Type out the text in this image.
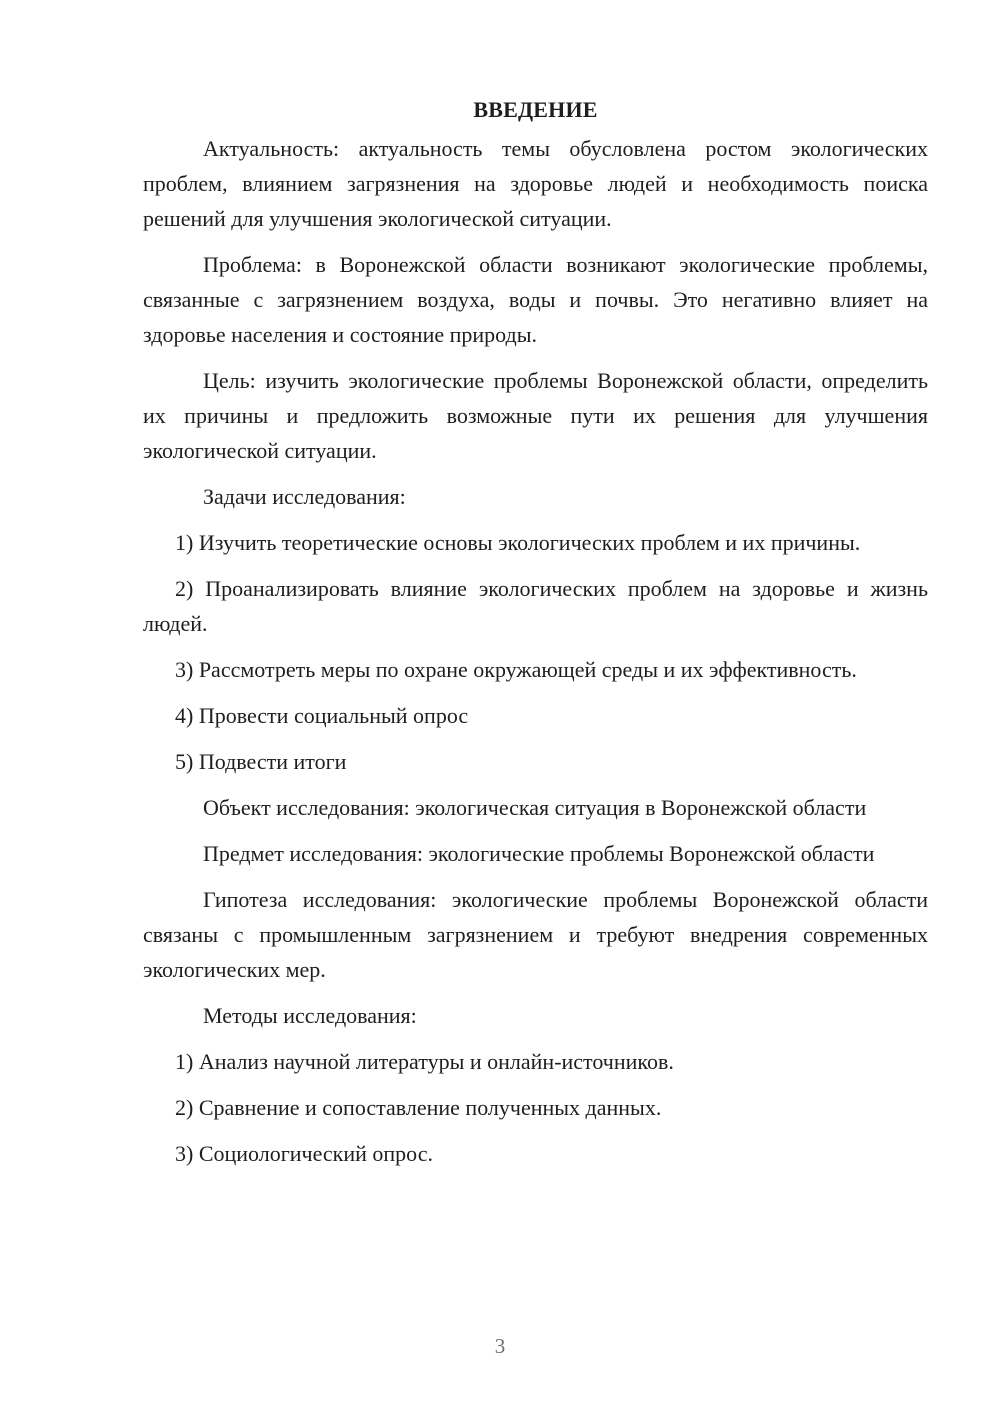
ВВЕДЕНИЕ

Актуальность: актуальность темы обусловлена ростом экологических проблем, влиянием загрязнения на здоровье людей и необходимость поиска решений для улучшения экологической ситуации.

Проблема: в Воронежской области возникают экологические проблемы, связанные с загрязнением воздуха, воды и почвы. Это негативно влияет на здоровье населения и состояние природы.

Цель: изучить экологические проблемы Воронежской области, определить их причины и предложить возможные пути их решения для улучшения экологической ситуации.

Задачи исследования:

1) Изучить теоретические основы экологических проблем и их причины.

2) Проанализировать влияние экологических проблем на здоровье и жизнь людей.

3) Рассмотреть меры по охране окружающей среды и их эффективность.

4) Провести социальный опрос

5) Подвести итоги

Объект исследования: экологическая ситуация в Воронежской области

Предмет исследования: экологические проблемы Воронежской области

Гипотеза исследования: экологические проблемы Воронежской области связаны с промышленным загрязнением и требуют внедрения современных экологических мер.

Методы исследования:

1) Анализ научной литературы и онлайн-источников.

2) Сравнение и сопоставление полученных данных.

3) Социологический опрос.

3
